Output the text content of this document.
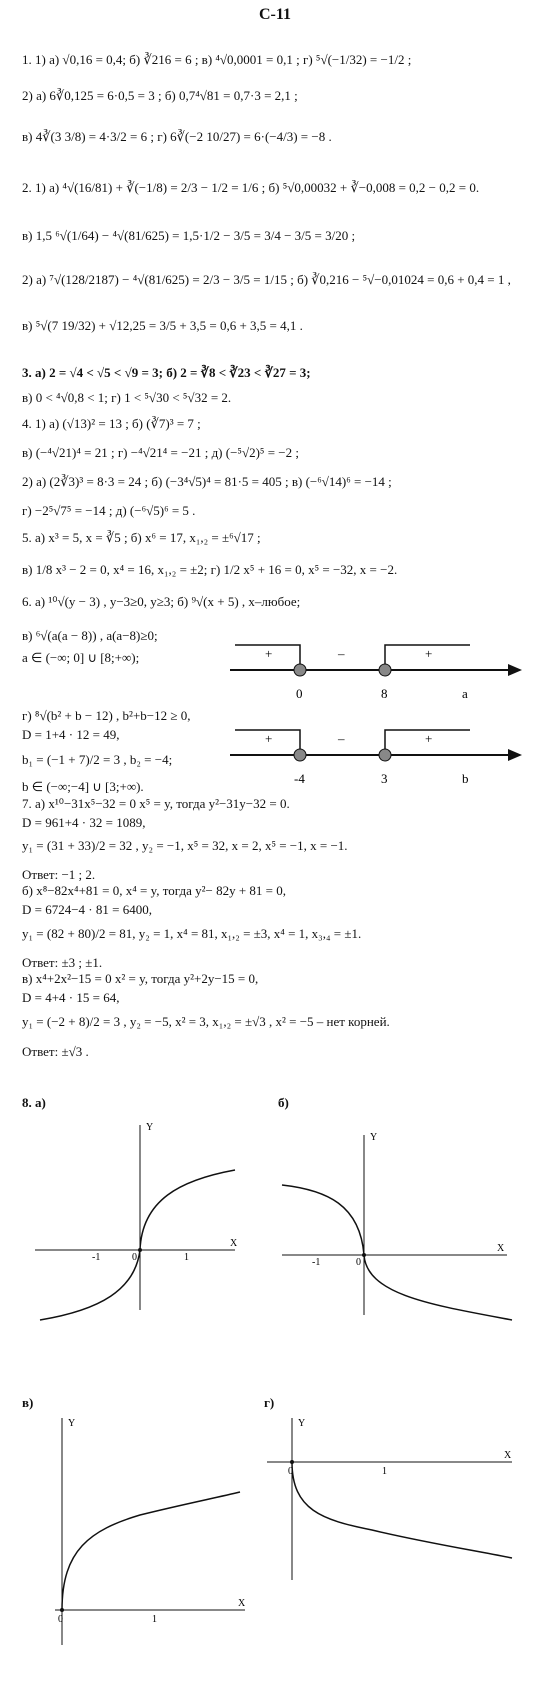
С-11
1. 1) а) √0,16 = 0,4; б) ∛216 = 6 ; в) ⁴√0,0001 = 0,1 ; г) ⁵√(−1/32) = −1/2 ;
2) а) 6∛0,125 = 6·0,5 = 3 ; б) 0,7⁴√81 = 0,7·3 = 2,1 ;
в) 4∛(3 3/8) = 4·3/2 = 6 ; г) 6∛(−2 10/27) = 6·(−4/3) = −8 .
2. 1) а) ⁴√(16/81) + ∛(−1/8) = 2/3 − 1/2 = 1/6 ; б) ⁵√0,00032 + ∛−0,008 = 0,2 − 0,2 = 0.
в) 1,5 ⁶√(1/64) − ⁴√(81/625) = 1,5·1/2 − 3/5 = 3/4 − 3/5 = 3/20 ;
2) а) ⁷√(128/2187) − ⁴√(81/625) = 2/3 − 3/5 = 1/15 ; б) ∛0,216 − ⁵√−0,01024 = 0,6 + 0,4 = 1 ,
в) ⁵√(7 19/32) + √12,25 = 3/5 + 3,5 = 0,6 + 3,5 = 4,1 .
3. а) 2 = √4 < √5 < √9 = 3; б) 2 = ∛8 < ∛23 < ∛27 = 3;
в) 0 < ⁴√0,8 < 1; г) 1 < ⁵√30 < ⁵√32 = 2.
4. 1) а) (√13)² = 13 ; б) (∛7)³ = 7 ;
в) (−⁴√21)⁴ = 21 ; г) −⁴√21⁴ = −21 ; д) (−⁵√2)⁵ = −2 ;
2) а) (2∛3)³ = 8·3 = 24 ; б) (−3⁴√5)⁴ = 81·5 = 405 ; в) (−⁶√14)⁶ = −14 ;
г) −2⁵√7⁵ = −14 ; д) (−⁶√5)⁶ = 5 .
5. а) x³ = 5, x = ∛5 ; б) x⁶ = 17, x₁,₂ = ±⁶√17 ;
в) 1/8 x³ − 2 = 0, x⁴ = 16, x₁,₂ = ±2; г) 1/2 x⁵ + 16 = 0, x⁵ = −32, x = −2.
6. а) ¹⁰√(y − 3) , y−3≥0, y≥3; б) ⁹√(x + 5) , x–любое;
в) ⁶√(a(a − 8)) , a(a−8)≥0;
a ∈ (−∞; 0] ∪ [8;+∞);
г) ⁸√(b² + b − 12) , b²+b−12 ≥ 0,
D = 1+4 · 12 = 49,
b₁ = (−1 + 7)/2 = 3 , b₂ = −4;
b ∈ (−∞;−4] ∪ [3;+∞).
7. а) x¹⁰−31x⁵−32 = 0 x⁵ = y, тогда y²−31y−32 = 0.
D = 961+4 · 32 = 1089,
y₁ = (31 + 33)/2 = 32 , y₂ = −1, x⁵ = 32, x = 2, x⁵ = −1, x = −1.
Ответ: −1 ; 2.
б) x⁸−82x⁴+81 = 0, x⁴ = y, тогда y²− 82y + 81 = 0,
D = 6724−4 · 81 = 6400,
y₁ = (82 + 80)/2 = 81, y₂ = 1, x⁴ = 81, x₁,₂ = ±3, x⁴ = 1, x₃,₄ = ±1.
Ответ: ±3 ; ±1.
в) x⁴+2x²−15 = 0 x² = y, тогда y²+2y−15 = 0,
D = 4+4 · 15 = 64,
y₁ = (−2 + 8)/2 = 3 , y₂ = −5, x² = 3, x₁,₂ = ±√3 , x² = −5 – нет корней.
Ответ: ±√3 .
+	–	+
0	8	a
+	–	+
-4	3	b
8. а)
Y
X
-1	0	1
б)
Y
X
-1	0
в)
Y
X
0	1
г)
Y
X
0	1
